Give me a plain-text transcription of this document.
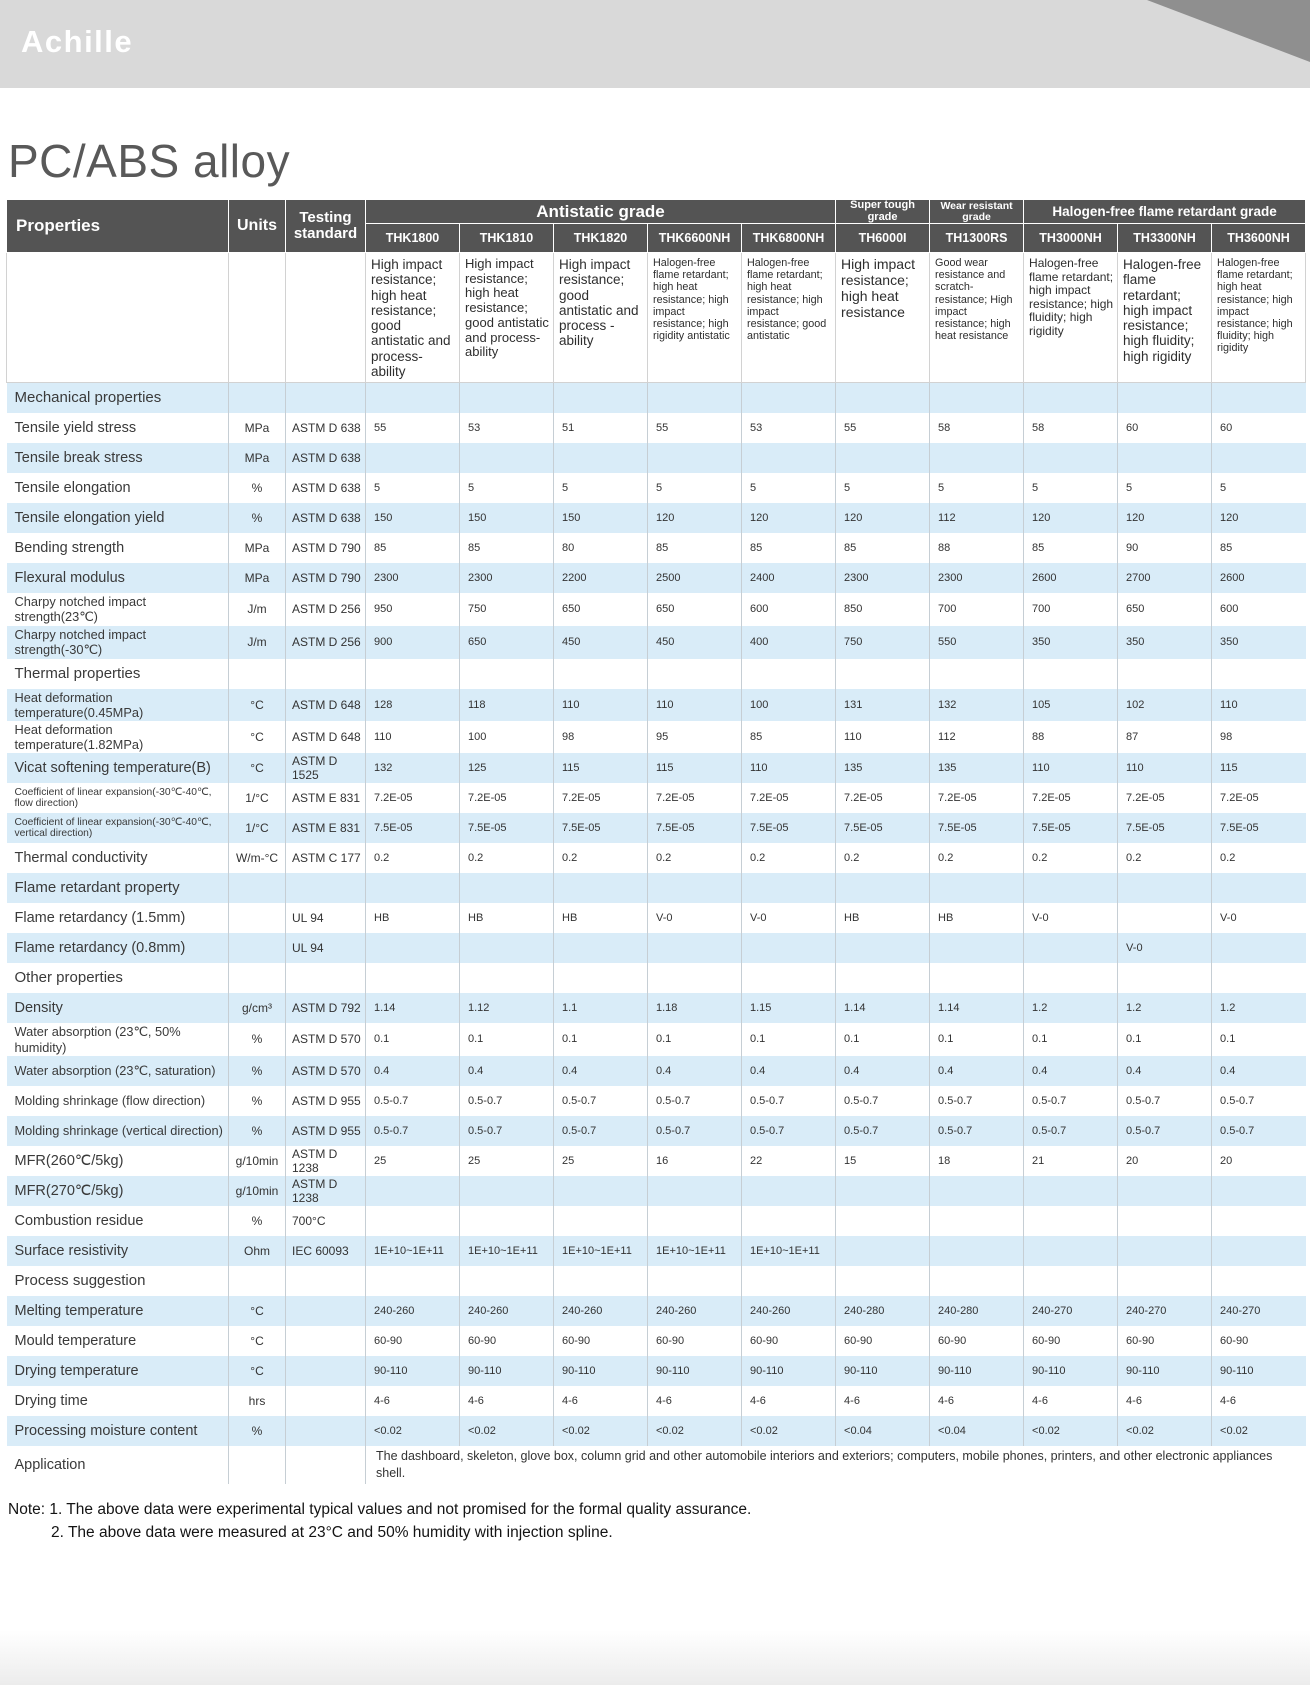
Achille
PC/ABS alloy
Properties	Units	Testing standard	Antistatic grade					Super tough grade	Wear resistant grade	Halogen-free flame retardant grade		
			THK1800	THK1810	THK1820	THK6600NH	THK6800NH	TH6000I	TH1300RS	TH3000NH	TH3300NH	TH3600NH
			High impact resistance; high heat resistance; good antistatic and process-ability	High impact resistance; high heat resistance; good antistatic and process-ability	High impact resistance; good antistatic and process -ability	Halogen-free flame retardant; high heat resistance; high impact resistance; high rigidity antistatic	Halogen-free flame retardant; high heat resistance; high impact resistance; good antistatic	High impact resistance; high heat resistance	Good wear resistance and scratch-resistance; High impact resistance; high heat resistance	Halogen-free flame retardant; high impact resistance; high fluidity; high rigidity	Halogen-free flame retardant; high impact resistance; high fluidity; high rigidity	Halogen-free flame retardant; high heat resistance; high impact resistance; high fluidity; high rigidity
Mechanical properties												
Tensile yield stress	MPa	ASTM D 638	55	53	51	55	53	55	58	58	60	60
Tensile break stress	MPa	ASTM D 638										
Tensile elongation	%	ASTM D 638	5	5	5	5	5	5	5	5	5	5
Tensile elongation yield	%	ASTM D 638	150	150	150	120	120	120	112	120	120	120
Bending strength	MPa	ASTM D 790	85	85	80	85	85	85	88	85	90	85
Flexural modulus	MPa	ASTM D 790	2300	2300	2200	2500	2400	2300	2300	2600	2700	2600
Charpy notched impact strength(23℃)	J/m	ASTM D 256	950	750	650	650	600	850	700	700	650	600
Charpy notched impact strength(-30℃)	J/m	ASTM D 256	900	650	450	450	400	750	550	350	350	350
Thermal properties												
Heat deformation temperature(0.45MPa)	°C	ASTM D 648	128	118	110	110	100	131	132	105	102	110
Heat deformation temperature(1.82MPa)	°C	ASTM D 648	110	100	98	95	85	110	112	88	87	98
Vicat softening temperature(B)	°C	ASTM D 1525	132	125	115	115	110	135	135	110	110	115
Coefficient of linear expansion(-30℃-40℃, flow direction)	1/°C	ASTM E 831	7.2E-05	7.2E-05	7.2E-05	7.2E-05	7.2E-05	7.2E-05	7.2E-05	7.2E-05	7.2E-05	7.2E-05
Coefficient of linear expansion(-30℃-40℃, vertical direction)	1/°C	ASTM E 831	7.5E-05	7.5E-05	7.5E-05	7.5E-05	7.5E-05	7.5E-05	7.5E-05	7.5E-05	7.5E-05	7.5E-05
Thermal conductivity	W/m-°C	ASTM C 177	0.2	0.2	0.2	0.2	0.2	0.2	0.2	0.2	0.2	0.2
Flame retardant property												
Flame retardancy (1.5mm)		UL 94	HB	HB	HB	V-0	V-0	HB	HB	V-0		V-0
Flame retardancy (0.8mm)		UL 94									V-0	
Other properties												
Density	g/cm³	ASTM D 792	1.14	1.12	1.1	1.18	1.15	1.14	1.14	1.2	1.2	1.2
Water absorption (23℃, 50% humidity)	%	ASTM D 570	0.1	0.1	0.1	0.1	0.1	0.1	0.1	0.1	0.1	0.1
Water absorption (23℃, saturation)	%	ASTM D 570	0.4	0.4	0.4	0.4	0.4	0.4	0.4	0.4	0.4	0.4
Molding shrinkage (flow direction)	%	ASTM D 955	0.5-0.7	0.5-0.7	0.5-0.7	0.5-0.7	0.5-0.7	0.5-0.7	0.5-0.7	0.5-0.7	0.5-0.7	0.5-0.7
Molding shrinkage (vertical direction)	%	ASTM D 955	0.5-0.7	0.5-0.7	0.5-0.7	0.5-0.7	0.5-0.7	0.5-0.7	0.5-0.7	0.5-0.7	0.5-0.7	0.5-0.7
MFR(260℃/5kg)	g/10min	ASTM D 1238	25	25	25	16	22	15	18	21	20	20
MFR(270℃/5kg)	g/10min	ASTM D 1238										
Combustion residue	%	700°C										
Surface resistivity	Ohm	IEC 60093	1E+10~1E+11	1E+10~1E+11	1E+10~1E+11	1E+10~1E+11	1E+10~1E+11					
Process suggestion												
Melting temperature	°C		240-260	240-260	240-260	240-260	240-260	240-280	240-280	240-270	240-270	240-270
Mould temperature	°C		60-90	60-90	60-90	60-90	60-90	60-90	60-90	60-90	60-90	60-90
Drying temperature	°C		90-110	90-110	90-110	90-110	90-110	90-110	90-110	90-110	90-110	90-110
Drying time	hrs		4-6	4-6	4-6	4-6	4-6	4-6	4-6	4-6	4-6	4-6
Processing moisture content	%		<0.02	<0.02	<0.02	<0.02	<0.02	<0.04	<0.04	<0.02	<0.02	<0.02
Application			The dashboard, skeleton, glove box, column grid and other automobile interiors and exteriors; computers, mobile phones, printers, and other electronic appliances shell.									
Note: 1. The above data were experimental typical values and not promised for the formal quality assurance.
2. The above data were measured at 23°C and 50% humidity with injection spline.
